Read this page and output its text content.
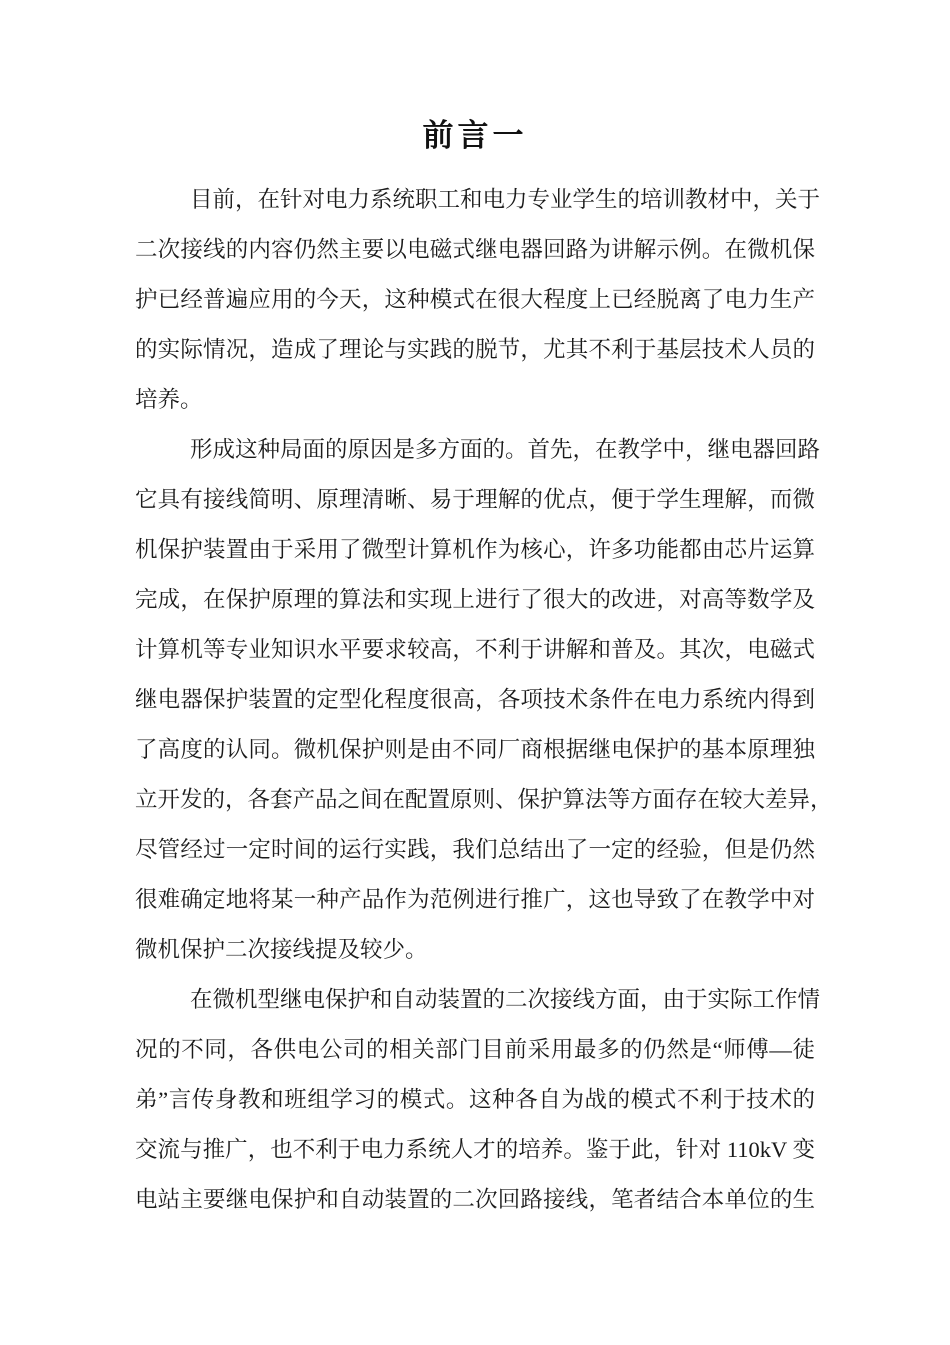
前言一
目前，在针对电力系统职工和电力专业学生的培训教材中，关于
二次接线的内容仍然主要以电磁式继电器回路为讲解示例。在微机保
护已经普遍应用的今天，这种模式在很大程度上已经脱离了电力生产
的实际情况，造成了理论与实践的脱节，尤其不利于基层技术人员的
培养。
形成这种局面的原因是多方面的。首先，在教学中，继电器回路
它具有接线简明、原理清晰、易于理解的优点，便于学生理解，而微
机保护装置由于采用了微型计算机作为核心，许多功能都由芯片运算
完成，在保护原理的算法和实现上进行了很大的改进，对高等数学及
计算机等专业知识水平要求较高，不利于讲解和普及。其次，电磁式
继电器保护装置的定型化程度很高，各项技术条件在电力系统内得到
了高度的认同。微机保护则是由不同厂商根据继电保护的基本原理独
立开发的，各套产品之间在配置原则、保护算法等方面存在较大差异，
尽管经过一定时间的运行实践，我们总结出了一定的经验，但是仍然
很难确定地将某一种产品作为范例进行推广，这也导致了在教学中对
微机保护二次接线提及较少。
在微机型继电保护和自动装置的二次接线方面，由于实际工作情
况的不同，各供电公司的相关部门目前采用最多的仍然是“师傅—徒
弟”言传身教和班组学习的模式。这种各自为战的模式不利于技术的
交流与推广，也不利于电力系统人才的培养。鉴于此，针对 110kV 变
电站主要继电保护和自动装置的二次回路接线，笔者结合本单位的生
